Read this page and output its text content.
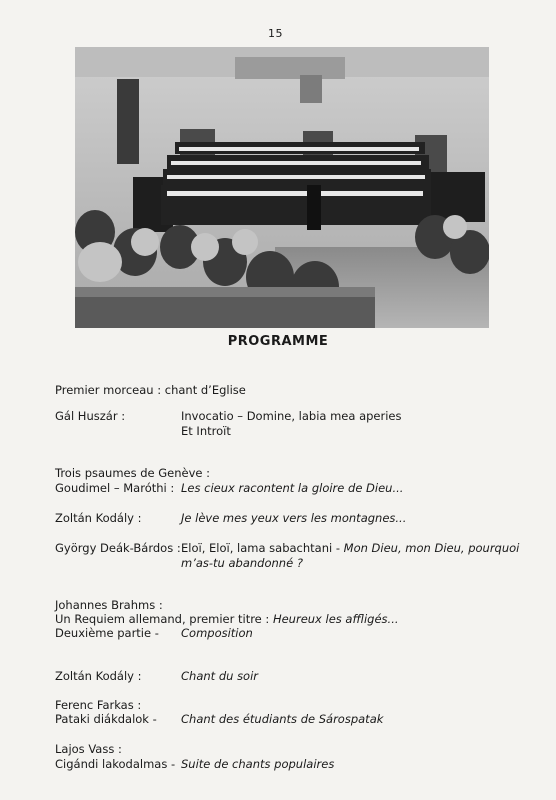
15
PROGRAMME
Premier morceau : chant d’Eglise
Gál Huszár :	Invocatio – Domine, labia mea aperies
Et Introït
Trois psaumes de Genève :
Goudimel – Maróthi : Les cieux racontent la gloire de Dieu...
Zoltán Kodály :	Je lève mes yeux vers les montagnes...
György Deák-Bárdos : Eloï, Eloï, lama sabachtani - Mon Dieu, mon Dieu, pourquoi
m’as-tu abandonné ?
Johannes Brahms :
Un Requiem allemand, premier titre : Heureux les affligés...
Deuxième partie - Composition
Zoltán Kodály :	Chant du soir
Ferenc Farkas :
Pataki diákdalok - Chant des étudiants de Sárospatak
Lajos Vass :
Cigándi lakodalmas - Suite de chants populaires
